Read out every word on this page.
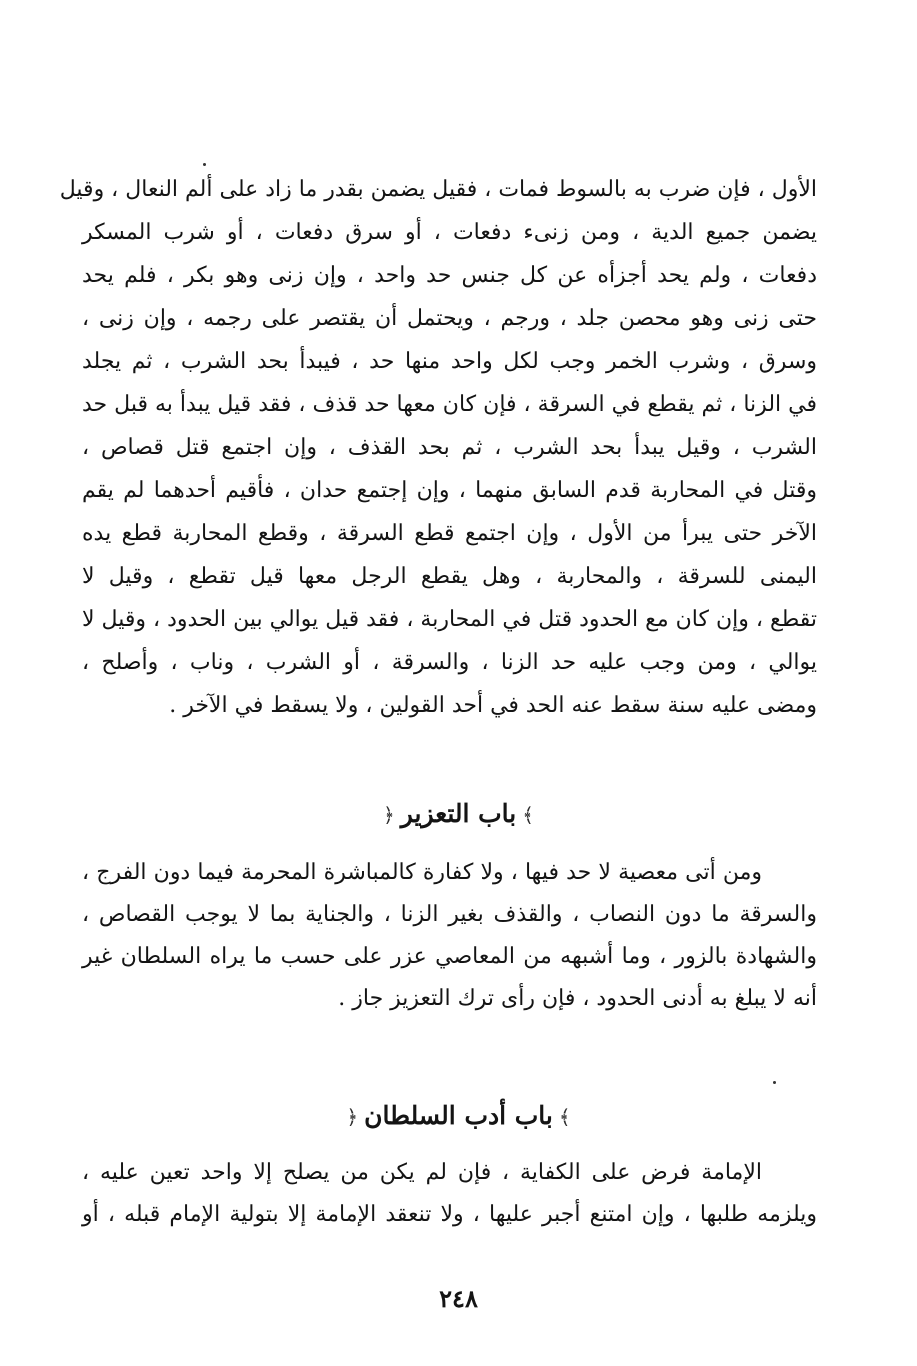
الأول ، فإن ضرب به بالسوط فمات ، فقيل يضمن بقدر ما زاد على ألم النعال ، وقيل
يضمن جميع الدية ، ومن زنىء دفعات ، أو سرق دفعات ، أو شرب المسكر
دفعات ، ولم يحد أجزأه عن كل جنس حد واحد ، وإن زنى وهو بكر ، فلم يحد
حتى زنى وهو محصن جلد ، ورجم ، ويحتمل أن يقتصر على رجمه ، وإن زنى ،
وسرق ، وشرب الخمر وجب لكل واحد منها حد ، فيبدأ بحد الشرب ، ثم يجلد
في الزنا ، ثم يقطع في السرقة ، فإن كان معها حد قذف ، فقد قيل يبدأ به قبل حد
الشرب ، وقيل يبدأ بحد الشرب ، ثم بحد القذف ، وإن اجتمع قتل قصاص ،
وقتل في المحاربة قدم السابق منهما ، وإن إجتمع حدان ، فأقيم أحدهما لم يقم
الآخر حتى يبرأ من الأول ، وإن اجتمع قطع السرقة ، وقطع المحاربة قطع يده
اليمنى للسرقة ، والمحاربة ، وهل يقطع الرجل معها قيل تقطع ، وقيل لا
تقطع ، وإن كان مع الحدود قتل في المحاربة ، فقد قيل يوالي بين الحدود ، وقيل لا
يوالي ، ومن وجب عليه حد الزنا ، والسرقة ، أو الشرب ، وناب ، وأصلح ،
ومضى عليه سنة سقط عنه الحد في أحد القولين ، ولا يسقط في الآخر .
﴾باب التعزير﴿
ومن أتى معصية لا حد فيها ، ولا كفارة كالمباشرة المحرمة فيما دون الفرج ،
والسرقة ما دون النصاب ، والقذف بغير الزنا ، والجناية بما لا يوجب القصاص ،
والشهادة بالزور ، وما أشبهه من المعاصي عزر على حسب ما يراه السلطان غير
أنه لا يبلغ به أدنى الحدود ، فإن رأى ترك التعزيز جاز .
﴾باب أدب السلطان﴿
الإمامة فرض على الكفاية ، فإن لم يكن من يصلح إلا واحد تعين عليه ،
ويلزمه طلبها ، وإن امتنع أجبر عليها ، ولا تنعقد الإمامة إلا بتولية الإمام قبله ، أو
٢٤٨
